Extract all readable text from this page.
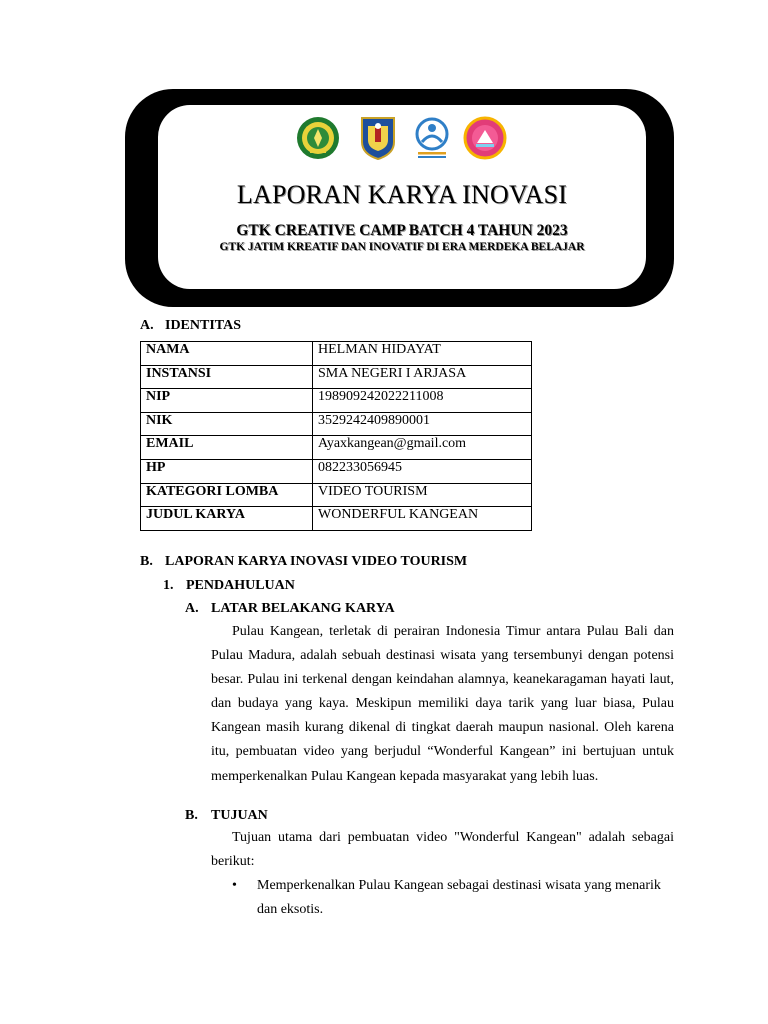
LAPORAN KARYA INOVASI

GTK CREATIVE CAMP BATCH 4 TAHUN 2023

GTK JATIM KREATIF DAN INOVATIF DI ERA MERDEKA BELAJAR

A. IDENTITAS
NAMA	HELMAN HIDAYAT
INSTANSI	SMA NEGERI I ARJASA
NIP	198909242022211008
NIK	3529242409890001
EMAIL	Ayaxkangean@gmail.com
HP	082233056945
KATEGORI LOMBA	VIDEO TOURISM
JUDUL KARYA	WONDERFUL KANGEAN
B. LAPORAN KARYA INOVASI VIDEO TOURISM
1. PENDAHULUAN
A. LATAR BELAKANG KARYA

Pulau Kangean, terletak di perairan Indonesia Timur antara Pulau Bali dan Pulau Madura, adalah sebuah destinasi wisata yang tersembunyi dengan potensi besar. Pulau ini terkenal dengan keindahan alamnya, keanekaragaman hayati laut, dan budaya yang kaya. Meskipun memiliki daya tarik yang luar biasa, Pulau Kangean masih kurang dikenal di tingkat daerah maupun nasional. Oleh karena itu, pembuatan video yang berjudul “Wonderful Kangean” ini bertujuan untuk memperkenalkan Pulau Kangean kepada masyarakat yang lebih luas.

B. TUJUAN

Tujuan utama dari pembuatan video "Wonderful Kangean" adalah sebagai berikut:

• Memperkenalkan Pulau Kangean sebagai destinasi wisata yang menarik dan eksotis.
